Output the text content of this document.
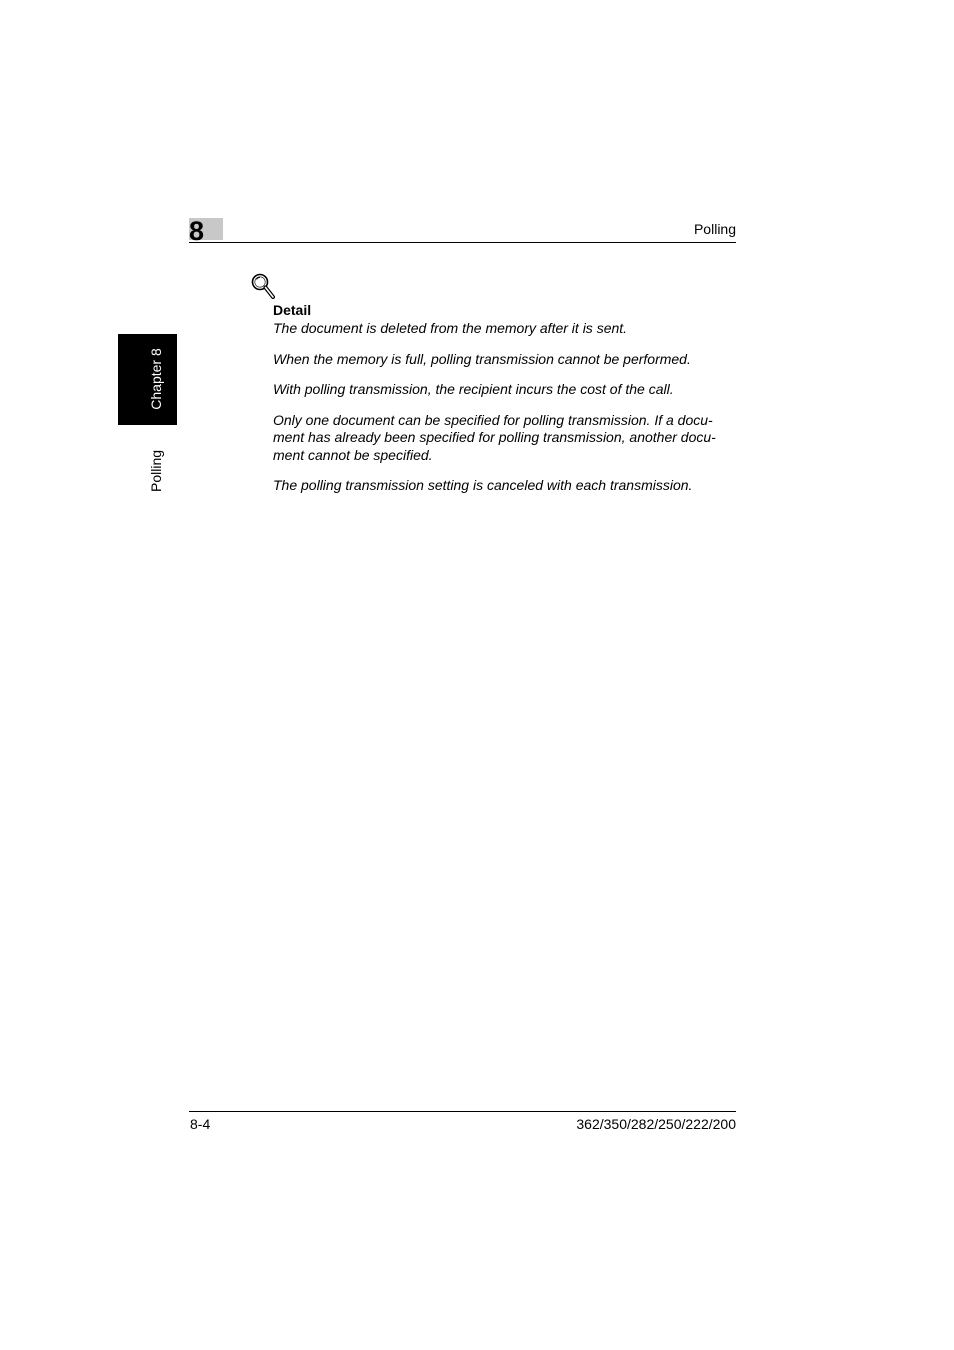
8	Polling
Chapter 8
Polling
Detail
The document is deleted from the memory after it is sent.
When the memory is full, polling transmission cannot be performed.
With polling transmission, the recipient incurs the cost of the call.
Only one document can be specified for polling transmission. If a docu-ment has already been specified for polling transmission, another docu-ment cannot be specified.
The polling transmission setting is canceled with each transmission.
8-4	362/350/282/250/222/200
